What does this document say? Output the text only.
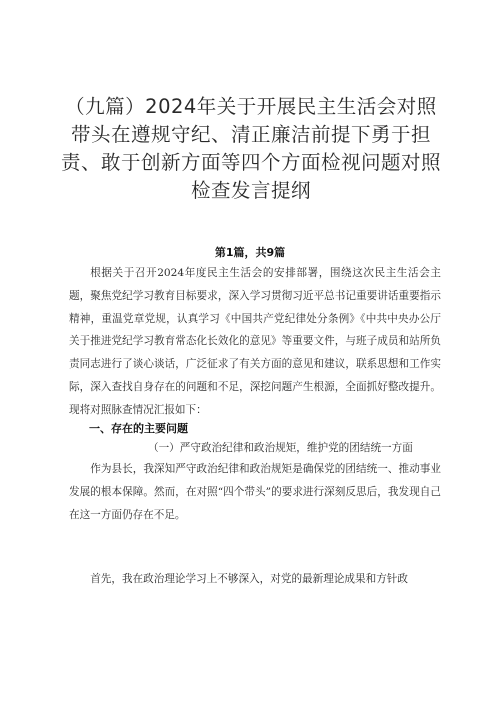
（九篇）2024年关于开展民主生活会对照带头在遵规守纪、清正廉洁前提下勇于担责、敢于创新方面等四个方面检视问题对照检查发言提纲
第1篇，共9篇

根据关于召开2024年度民主生活会的安排部署，围绕这次民主生活会主题，聚焦党纪学习教育目标要求，深入学习贯彻习近平总书记重要讲话重要指示精神，重温党章党规，认真学习《中国共产党纪律处分条例》《中共中央办公厅关于推进党纪学习教育常态化长效化的意见》等重要文件，与班子成员和站所负责同志进行了谈心谈话，广泛征求了有关方面的意见和建议，联系思想和工作实际，深入查找自身存在的问题和不足，深挖问题产生根源，全面抓好整改提升。现将对照脉查情况汇报如下：

一、存在的主要问题
（一）严守政治纪律和政治规矩，维护党的团结统一方面

作为县长，我深知严守政治纪律和政治规矩是确保党的团结统一、推动事业发展的根本保障。然而，在对照“四个带头”的要求进行深刻反思后，我发现自己在这一方面仍存在不足。

首先，我在政治理论学习上不够深入，对党的最新理论成果和方针政
